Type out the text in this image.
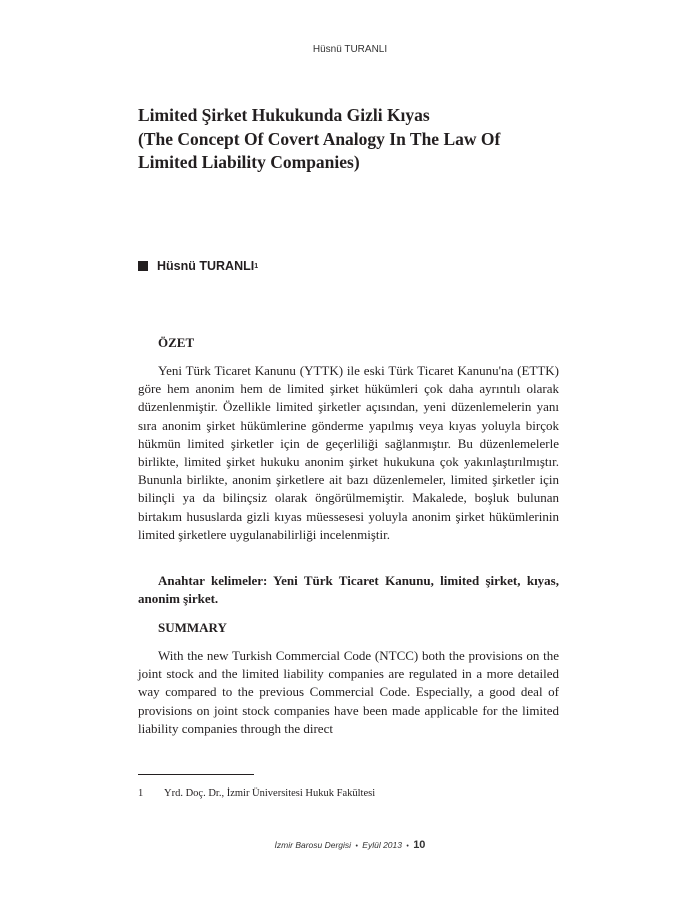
Hüsnü TURANLI
Limited Şirket Hukukunda Gizli Kıyas
(The Concept Of Covert Analogy In The Law Of
Limited Liability Companies)
Hüsnü TURANLI 1
ÖZET

Yeni Türk Ticaret Kanunu (YTTK) ile eski Türk Ticaret Kanunu'na (ETTK) göre hem anonim hem de limited şirket hükümleri çok daha ayrıntılı olarak düzenlenmiştir. Özellikle limited şirketler açısından, yeni düzenlemelerin yanı sıra anonim şirket hükümlerine gönderme yapılmış veya kıyas yoluyla birçok hükmün limited şirketler için de geçerliliği sağlanmıştır. Bu düzenlemelerle birlikte, limited şirket hukuku anonim şirket hukukuna çok yakınlaştırılmıştır. Bununla birlikte, anonim şirketlere ait bazı düzenlemeler, limited şirketler için bilinçli ya da bilinçsiz olarak öngörülmemiştir. Makalede, boşluk bulunan birtakım hususlarda gizli kıyas müessesesi yoluyla anonim şirket hükümlerinin limited şirketlere uygulanabilirliği incelenmiştir.

Anahtar kelimeler: Yeni Türk Ticaret Kanunu, limited şirket, kıyas, anonim şirket.

SUMMARY

With the new Turkish Commercial Code (NTCC) both the provisions on the joint stock and the limited liability companies are regulated in a more detailed way compared to the previous Commercial Code. Especially, a good deal of provisions on joint stock companies have been made applicable for the limited liability companies through the direct

1 Yrd. Doç. Dr., İzmir Üniversitesi Hukuk Fakültesi
İzmir Barosu Dergisi • Eylül 2013 • 10
